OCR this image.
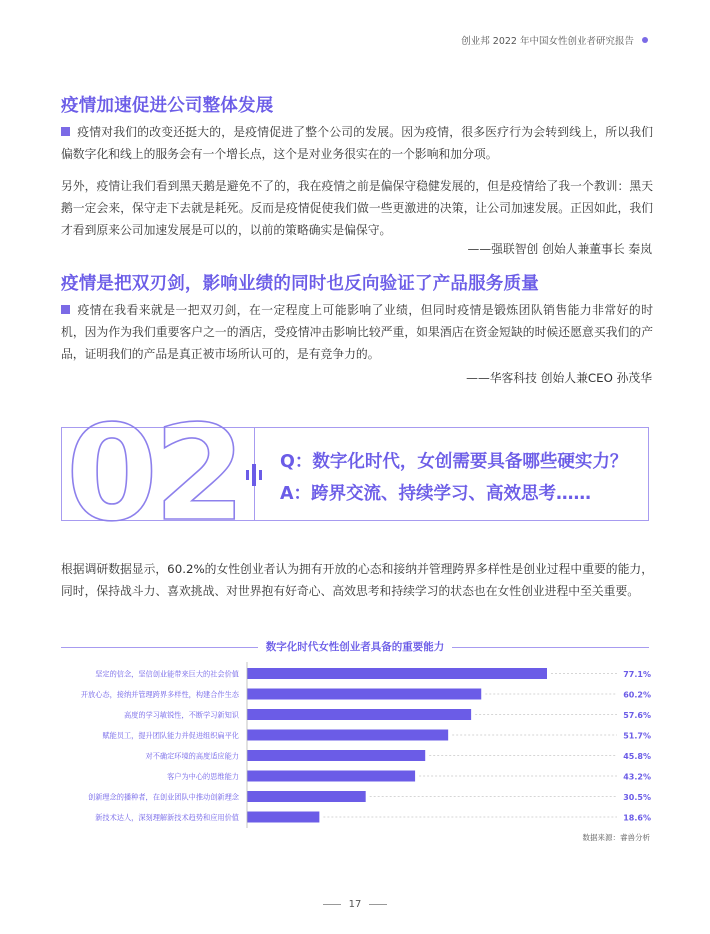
创业邦 2022 年中国女性创业者研究报告
疫情加速促进公司整体发展
疫情对我们的改变还挺大的，是疫情促进了整个公司的发展。因为疫情，很多医疗行为会转到线上，所以我们偏数字化和线上的服务会有一个增长点，这个是对业务很实在的一个影响和加分项。
另外，疫情让我们看到黑天鹅是避免不了的，我在疫情之前是偏保守稳健发展的，但是疫情给了我一个教训：黑天鹅一定会来，保守走下去就是耗死。反而是疫情促使我们做一些更激进的决策，让公司加速发展。正因如此，我们才看到原来公司加速发展是可以的，以前的策略确实是偏保守。
——强联智创 创始人兼董事长 秦岚
疫情是把双刃剑，影响业绩的同时也反向验证了产品服务质量
疫情在我看来就是一把双刃剑，在一定程度上可能影响了业绩，但同时疫情是锻炼团队销售能力非常好的时机，因为作为我们重要客户之一的酒店，受疫情冲击影响比较严重，如果酒店在资金短缺的时候还愿意买我们的产品，证明我们的产品是真正被市场所认可的，是有竞争力的。
——华客科技 创始人兼CEO 孙茂华
02 Q：数字化时代，女创需要具备哪些硬实力？
A：跨界交流、持续学习、高效思考……
根据调研数据显示，60.2%的女性创业者认为拥有开放的心态和接纳并管理跨界多样性是创业过程中重要的能力，同时，保持战斗力、喜欢挑战、对世界抱有好奇心、高效思考和持续学习的状态也在女性创业进程中至关重要。
数字化时代女性创业者具备的重要能力
坚定的信念，坚信创业能带来巨大的社会价值	77.1%
开放心态，接纳并管理跨界多样性，构建合作生态	60.2%
高度的学习敏锐性，不断学习新知识	57.6%
赋能员工，提升团队能力并促进组织扁平化	51.7%
对不确定环境的高度适应能力	45.8%
客户为中心的思维能力	43.2%
创新理念的播种者，在创业团队中推动创新理念	30.5%
新技术达人，深刻理解新技术趋势和应用价值	18.6%
数据来源：睿兽分析
17
